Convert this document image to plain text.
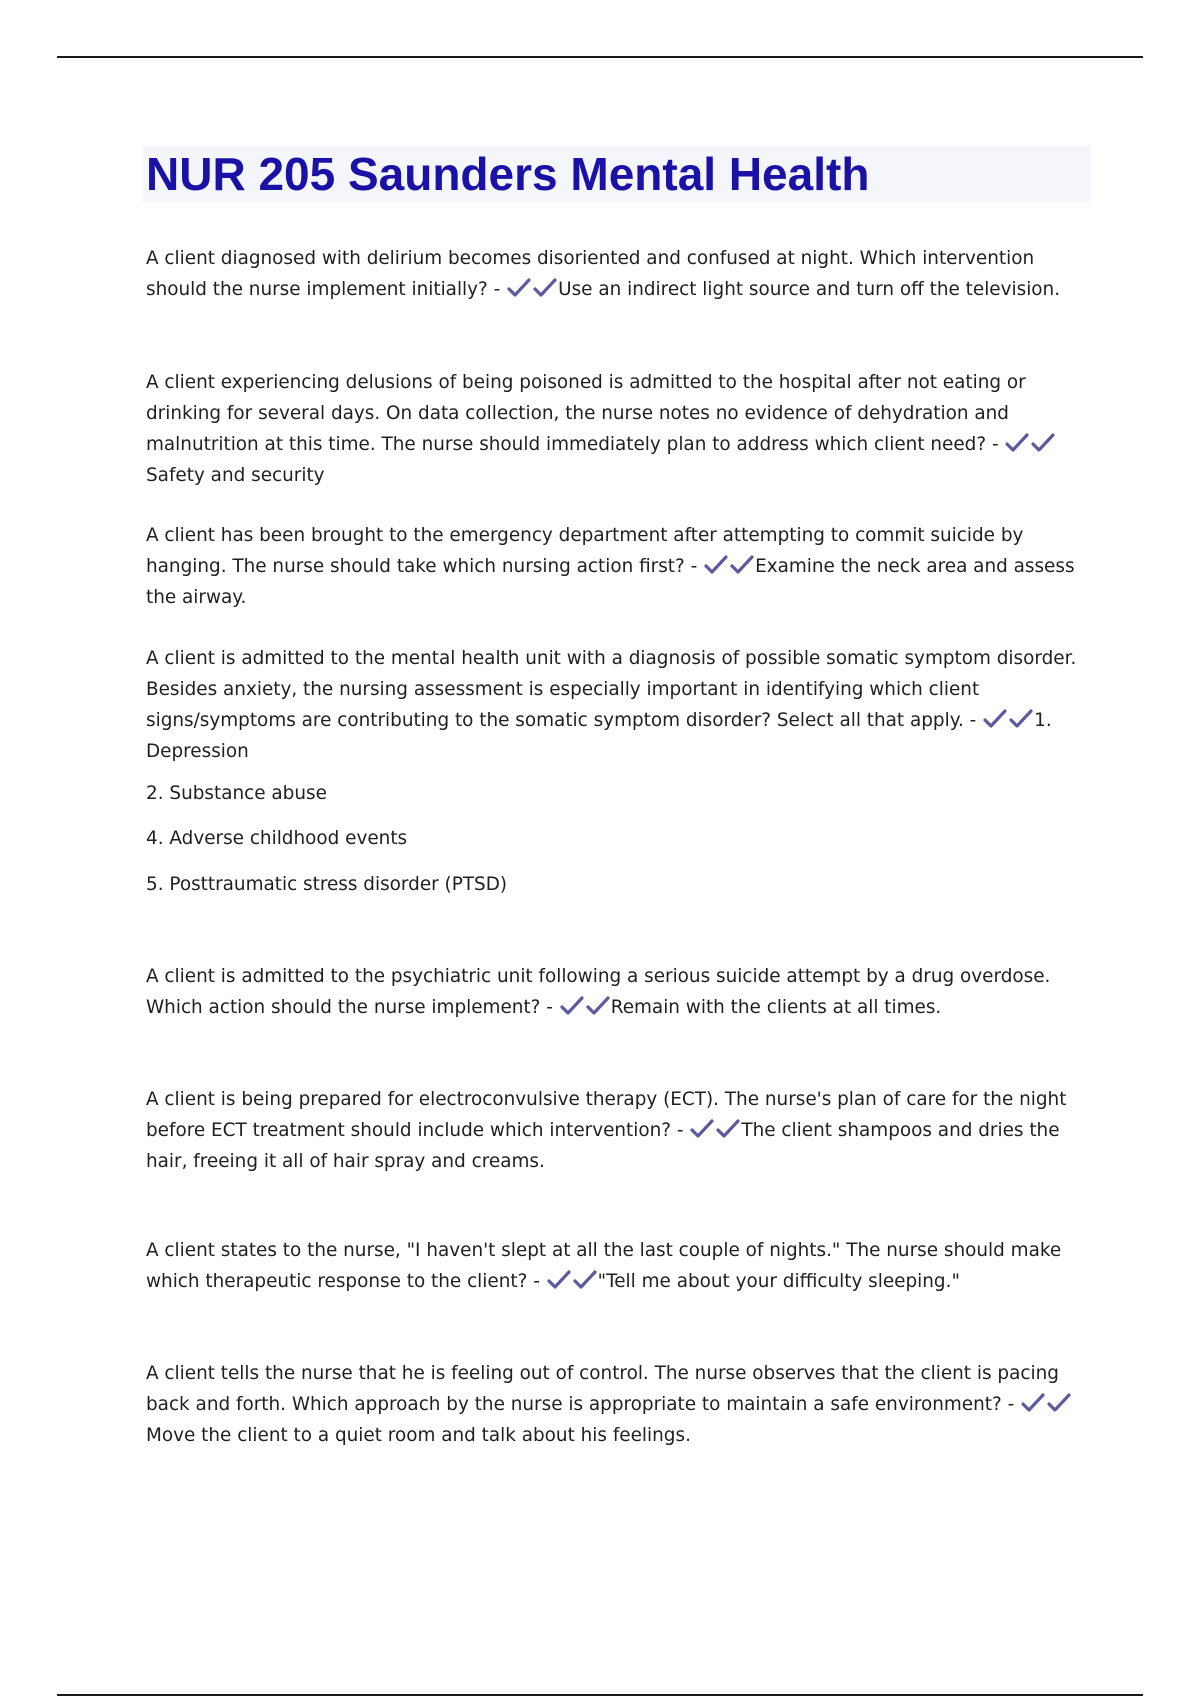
NUR 205 Saunders Mental Health

A client diagnosed with delirium becomes disoriented and confused at night. Which intervention should the nurse implement initially? -	Use an indirect light source and turn off the television.

A client experiencing delusions of being poisoned is admitted to the hospital after not eating or drinking for several days. On data collection, the nurse notes no evidence of dehydration and malnutrition at this time. The nurse should immediately plan to address which client need? -
Safety and security

A client has been brought to the emergency department after attempting to commit suicide by hanging. The nurse should take which nursing action first? -	Examine the neck area and assess the airway.

A client is admitted to the mental health unit with a diagnosis of possible somatic symptom disorder. Besides anxiety, the nursing assessment is especially important in identifying which client signs/symptoms are contributing to the somatic symptom disorder? Select all that apply. -	1. Depression

2. Substance abuse

4. Adverse childhood events

5. Posttraumatic stress disorder (PTSD)

A client is admitted to the psychiatric unit following a serious suicide attempt by a drug overdose. Which action should the nurse implement? -	Remain with the clients at all times.

A client is being prepared for electroconvulsive therapy (ECT). The nurse's plan of care for the night before ECT treatment should include which intervention? -	The client shampoos and dries the hair, freeing it all of hair spray and creams.

A client states to the nurse, "I haven't slept at all the last couple of nights." The nurse should make which therapeutic response to the client? -	"Tell me about your difficulty sleeping."

A client tells the nurse that he is feeling out of control. The nurse observes that the client is pacing back and forth. Which approach by the nurse is appropriate to maintain a safe environment? -
Move the client to a quiet room and talk about his feelings.
